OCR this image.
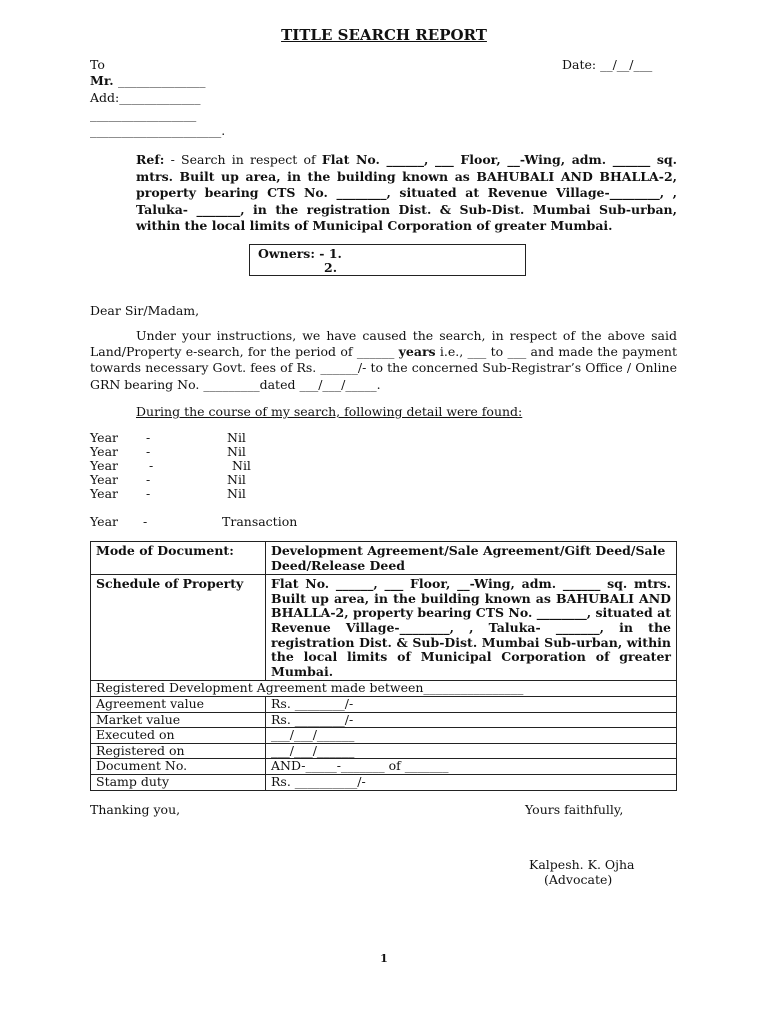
TITLE SEARCH REPORT
To	Date: __/__/___
Mr. ______________
Add:_____________
_________________
_____________________.
Ref: - Search in respect of Flat No. ______, ___ Floor, __-Wing, adm. ______ sq. mtrs. Built up area, in the building known as BAHUBALI AND BHALLA-2, property bearing CTS No. ________, situated at Revenue Village-________, , Taluka- _______, in the registration Dist. & Sub-Dist. Mumbai Sub-urban, within the local limits of Municipal Corporation of greater Mumbai.
Owners: - 1.
2.
Dear Sir/Madam,
Under your instructions, we have caused the search, in respect of the above said Land/Property e-search, for the period of ______ years i.e., ___ to ___ and made the payment towards necessary Govt. fees of Rs. ______/- to the concerned Sub-Registrar’s Office / Online GRN bearing No. _________dated ___/___/_____.
During the course of my search, following detail were found:
Year -	Nil
Year -	Nil
Year -	Nil
Year -	Nil
Year -	Nil
Year -	Transaction
Mode of Document:	Development Agreement/Sale Agreement/Gift Deed/Sale Deed/Release Deed
Schedule of Property	Flat No. ______, ___ Floor, __-Wing, adm. ______ sq. mtrs. Built up area, in the building known as BAHUBALI AND BHALLA-2, property bearing CTS No. ________, situated at Revenue Village-________, , Taluka- _______, in the registration Dist. & Sub-Dist. Mumbai Sub-urban, within the local limits of Municipal Corporation of greater Mumbai.
Registered Development Agreement made between________________	
Agreement value	Rs. ________/-
Market value	Rs. ________/-
Executed on	___/___/______
Registered on	___/___/______
Document No.	AND-_____-_______ of _______
Stamp duty	Rs. __________/-
Thanking you,	Yours faithfully,
Kalpesh. K. Ojha
(Advocate)
1
